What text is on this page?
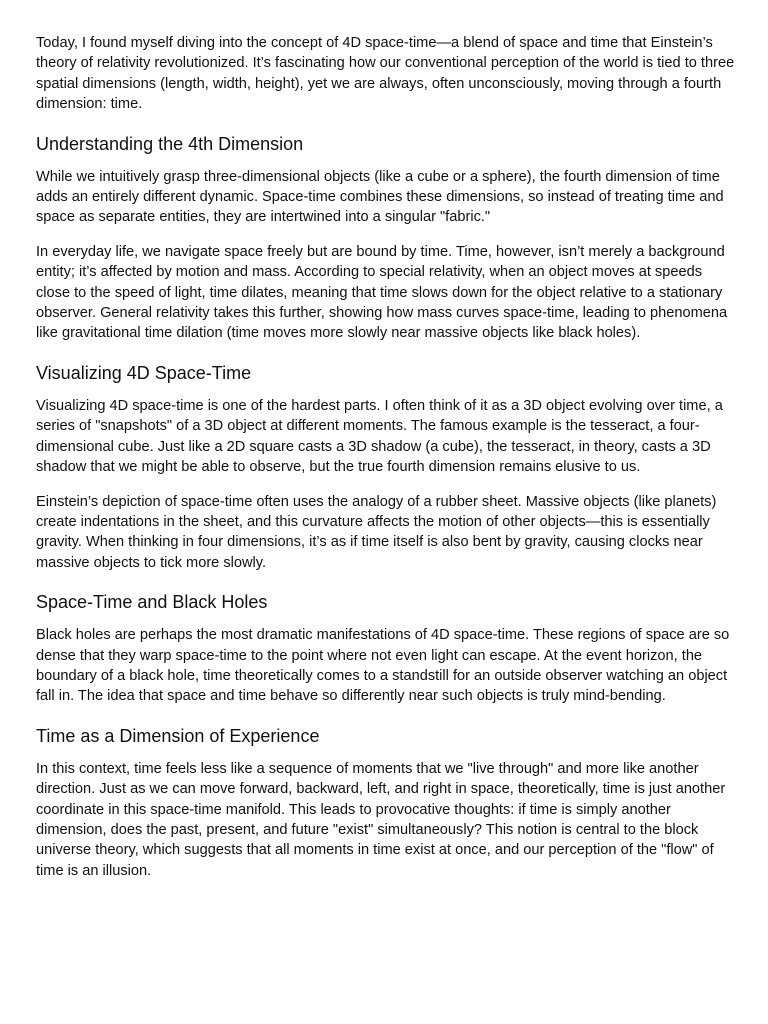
Today, I found myself diving into the concept of 4D space-time—a blend of space and time that Einstein’s theory of relativity revolutionized. It’s fascinating how our conventional perception of the world is tied to three spatial dimensions (length, width, height), yet we are always, often unconsciously, moving through a fourth dimension: time.

Understanding the 4th Dimension

While we intuitively grasp three-dimensional objects (like a cube or a sphere), the fourth dimension of time adds an entirely different dynamic. Space-time combines these dimensions, so instead of treating time and space as separate entities, they are intertwined into a singular "fabric."

In everyday life, we navigate space freely but are bound by time. Time, however, isn’t merely a background entity; it’s affected by motion and mass. According to special relativity, when an object moves at speeds close to the speed of light, time dilates, meaning that time slows down for the object relative to a stationary observer. General relativity takes this further, showing how mass curves space-time, leading to phenomena like gravitational time dilation (time moves more slowly near massive objects like black holes).

Visualizing 4D Space-Time

Visualizing 4D space-time is one of the hardest parts. I often think of it as a 3D object evolving over time, a series of "snapshots" of a 3D object at different moments. The famous example is the tesseract, a four-dimensional cube. Just like a 2D square casts a 3D shadow (a cube), the tesseract, in theory, casts a 3D shadow that we might be able to observe, but the true fourth dimension remains elusive to us.

Einstein’s depiction of space-time often uses the analogy of a rubber sheet. Massive objects (like planets) create indentations in the sheet, and this curvature affects the motion of other objects—this is essentially gravity. When thinking in four dimensions, it’s as if time itself is also bent by gravity, causing clocks near massive objects to tick more slowly.

Space-Time and Black Holes

Black holes are perhaps the most dramatic manifestations of 4D space-time. These regions of space are so dense that they warp space-time to the point where not even light can escape. At the event horizon, the boundary of a black hole, time theoretically comes to a standstill for an outside observer watching an object fall in. The idea that space and time behave so differently near such objects is truly mind-bending.

Time as a Dimension of Experience

In this context, time feels less like a sequence of moments that we "live through" and more like another direction. Just as we can move forward, backward, left, and right in space, theoretically, time is just another coordinate in this space-time manifold. This leads to provocative thoughts: if time is simply another dimension, does the past, present, and future "exist" simultaneously? This notion is central to the block universe theory, which suggests that all moments in time exist at once, and our perception of the "flow" of time is an illusion.
